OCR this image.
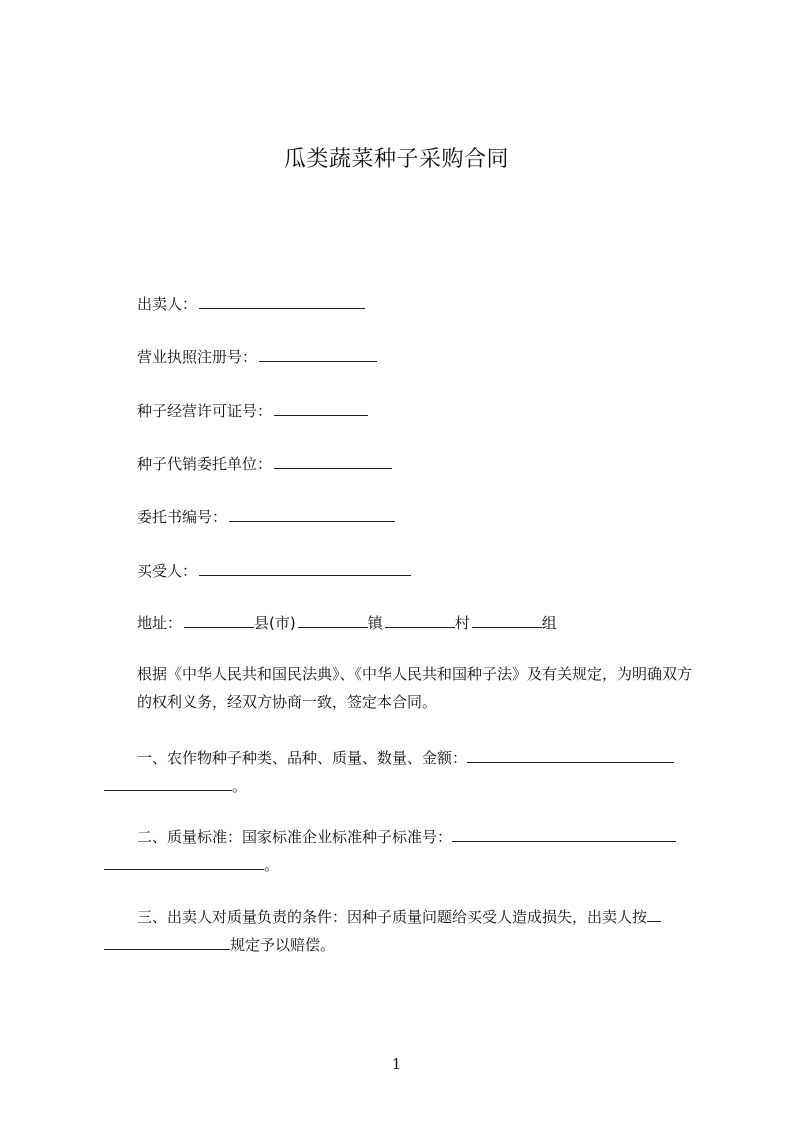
瓜类蔬菜种子采购合同
出卖人：
营业执照注册号：
种子经营许可证号：
种子代销委托单位：
委托书编号：
买受人：
地址：	县(市)	镇	村	组
根据《中华人民共和国民法典》、《中华人民共和国种子法》及有关规定，为明确双方的权利义务，经双方协商一致，签定本合同。
一、农作物种子种类、品种、质量、数量、金额：
。
二、质量标准：国家标准企业标准种子标准号：
。
三、出卖人对质量负责的条件：因种子质量问题给买受人造成损失，出卖人按
规定予以赔偿。
1
